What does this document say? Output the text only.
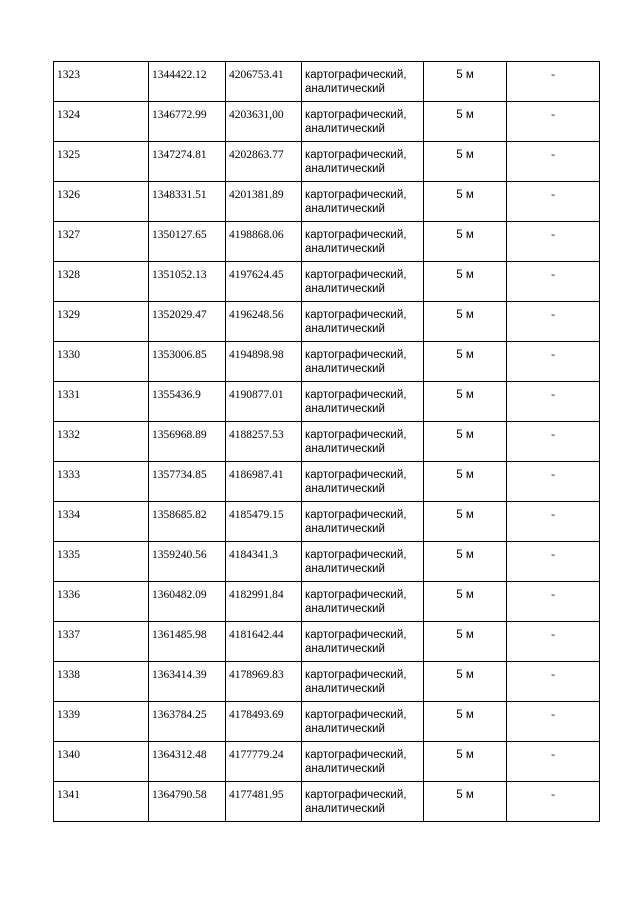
1323	1344422.12	4206753.41	картографический,
аналитический	5 м	-
1324	1346772.99	4203631,00	картографический,
аналитический	5 м	-
1325	1347274.81	4202863.77	картографический,
аналитический	5 м	-
1326	1348331.51	4201381.89	картографический,
аналитический	5 м	-
1327	1350127.65	4198868.06	картографический,
аналитический	5 м	-
1328	1351052.13	4197624.45	картографический,
аналитический	5 м	-
1329	1352029.47	4196248.56	картографический,
аналитический	5 м	-
1330	1353006.85	4194898.98	картографический,
аналитический	5 м	-
1331	1355436.9	4190877.01	картографический,
аналитический	5 м	-
1332	1356968.89	4188257.53	картографический,
аналитический	5 м	-
1333	1357734.85	4186987.41	картографический,
аналитический	5 м	-
1334	1358685.82	4185479.15	картографический,
аналитический	5 м	-
1335	1359240.56	4184341.3	картографический,
аналитический	5 м	-
1336	1360482.09	4182991.84	картографический,
аналитический	5 м	-
1337	1361485.98	4181642.44	картографический,
аналитический	5 м	-
1338	1363414.39	4178969.83	картографический,
аналитический	5 м	-
1339	1363784.25	4178493.69	картографический,
аналитический	5 м	-
1340	1364312.48	4177779.24	картографический,
аналитический	5 м	-
1341	1364790.58	4177481.95	картографический,
аналитический	5 м	-
